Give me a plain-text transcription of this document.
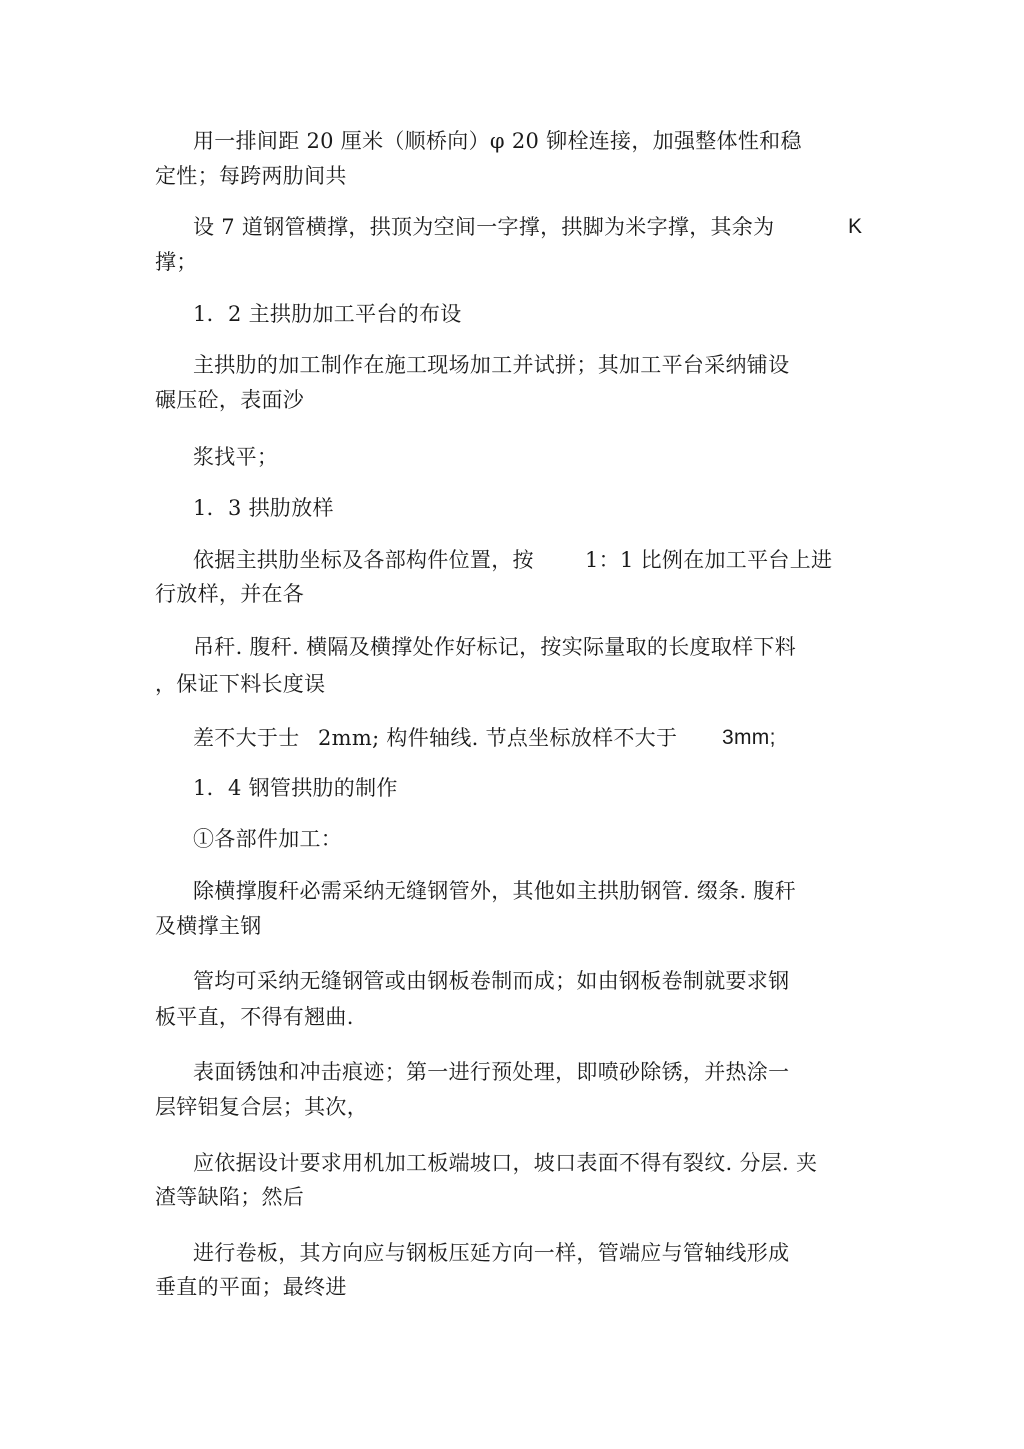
用一排间距 20 厘米（顺桥向）φ 20 铆栓连接，加强整体性和稳
定性；每跨两肋间共
设 7 道钢管横撑，拱顶为空间一字撑，拱脚为米字撑，其余为	K
撑；
1．2 主拱肋加工平台的布设
主拱肋的加工制作在施工现场加工并试拼；其加工平台采纳铺设
碾压砼，表面沙
浆找平；
1．3 拱肋放样
依据主拱肋坐标及各部构件位置，按 1：1 比例在加工平台上进
行放样，并在各
吊秆. 腹秆. 横隔及横撑处作好标记，按实际量取的长度取样下料
，保证下料长度误
差不大于士 2mm; 构件轴线. 节点坐标放样不大于 3mm;
1．4 钢管拱肋的制作
①各部件加工：
除横撑腹秆必需采纳无缝钢管外，其他如主拱肋钢管. 缀条. 腹秆
及横撑主钢
管均可采纳无缝钢管或由钢板卷制而成；如由钢板卷制就要求钢
板平直，不得有翘曲.
表面锈蚀和冲击痕迹；第一进行预处理，即喷砂除锈，并热涂一
层锌铝复合层；其次，
应依据设计要求用机加工板端坡口，坡口表面不得有裂纹. 分层. 夹
渣等缺陷；然后
进行卷板，其方向应与钢板压延方向一样，管端应与管轴线形成
垂直的平面；最终进
